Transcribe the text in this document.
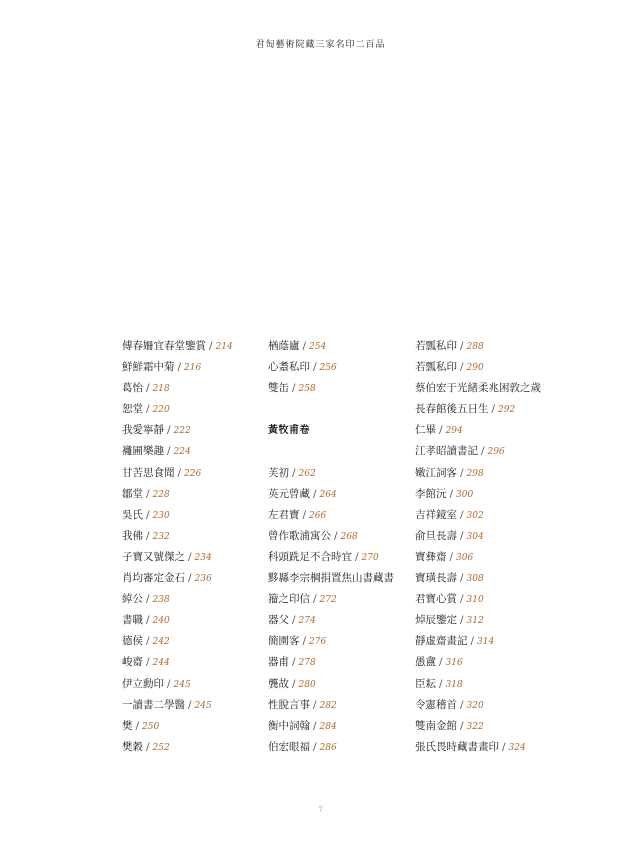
君匋藝術院藏三家名印二百品
傅春姍宜春堂鑒賞 / 214
鮮鮮霜中菊 / 216
葛怡 / 218
恕堂 / 220
我愛寧靜 / 222
䙰圃樂趣 / 224
甘苦思食聞 / 226
鄒堂 / 228
吳氏 / 230
我佛 / 232
子寶又號傑之 / 234
肖均審定金石 / 236
綽公 / 238
書職 / 240
德侯 / 242
峻齋 / 244
伊立勳印 / 245
一讀書二學醫 / 245
樊 / 250
樊穀 / 252
楢蔭廬 / 254
心耋私印 / 256
雙缶 / 258
黃牧甫卷
芙初 / 262
英元曾藏 / 264
左君寶 / 266
曾作歌浦寓公 / 268
科頭跣足不合時宜 / 270
黟縣李宗棡捐置焦山書藏書
籀之印信 / 272
器父 / 274
簡園客 / 276
器甫 / 278
龔故 / 280
性脫言事 / 282
衡中詞翰 / 284
伯宏眼福 / 286
若瓢私印 / 288
若瓢私印 / 290
蔡伯宏于光緒柔兆困敦之歲
長春館後五日生 / 292
仁畢 / 294
江孝昭讀書記 / 296
嫩江詞客 / 298
李館沅 / 300
吉祥鏡室 / 302
俞旦長壽 / 304
寶彝齋 / 306
寶璜長壽 / 308
君寶心賞 / 310
焯辰鑒定 / 312
靜虛齋畫記 / 314
愚盦 / 316
臣耘 / 318
令憲稽首 / 320
雙南金館 / 322
張氏畏時藏書畫印 / 324
7
